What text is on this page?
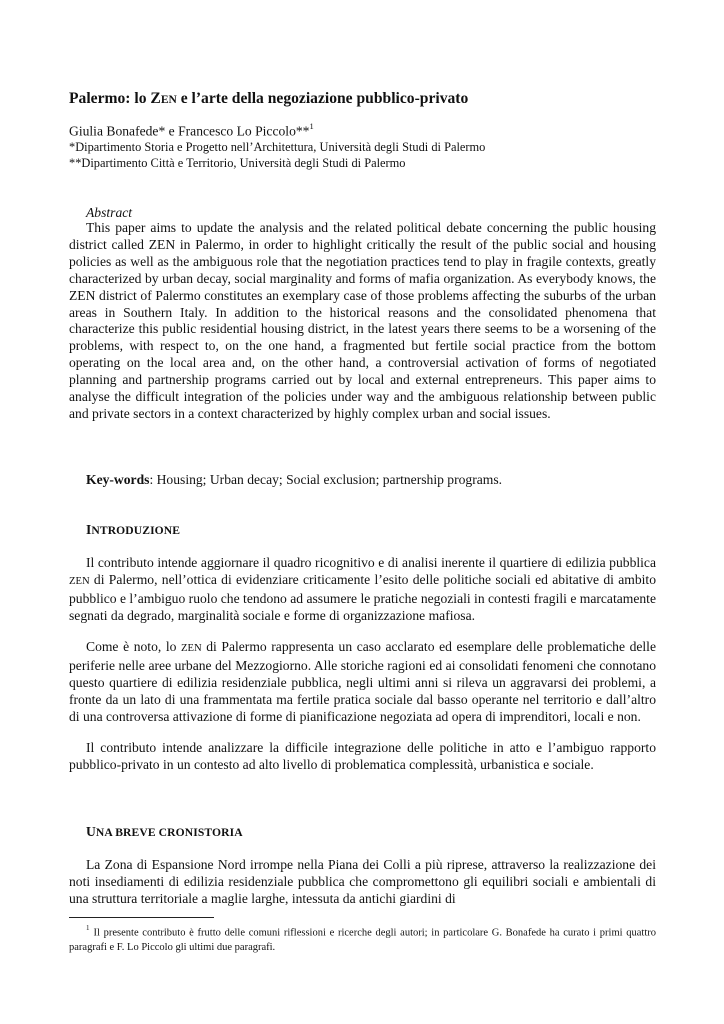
Palermo: lo ZEN e l’arte della negoziazione pubblico-privato
Giulia Bonafede* e Francesco Lo Piccolo**$^1$
*Dipartimento Storia e Progetto nell’Architettura, Università degli Studi di Palermo
**Dipartimento Città e Territorio, Università degli Studi di Palermo
Abstract

This paper aims to update the analysis and the related political debate concerning the public housing district called ZEN in Palermo, in order to highlight critically the result of the public social and housing policies as well as the ambiguous role that the negotiation practices tend to play in fragile contexts, greatly characterized by urban decay, social marginality and forms of mafia organization. As everybody knows, the ZEN district of Palermo constitutes an exemplary case of those problems affecting the suburbs of the urban areas in Southern Italy. In addition to the historical reasons and the consolidated phenomena that characterize this public residential housing district, in the latest years there seems to be a worsening of the problems, with respect to, on the one hand, a fragmented but fertile social practice from the bottom operating on the local area and, on the other hand, a controversial activation of forms of negotiated planning and partnership programs carried out by local and external entrepreneurs. This paper aims to analyse the difficult integration of the policies under way and the ambiguous relationship between public and private sectors in a context characterized by highly complex urban and social issues.

Key-words: Housing; Urban decay; Social exclusion; partnership programs.
INTRODUZIONE

Il contributo intende aggiornare il quadro ricognitivo e di analisi inerente il quartiere di edilizia pubblica ZEN di Palermo, nell’ottica di evidenziare criticamente l’esito delle politiche sociali ed abitative di ambito pubblico e l’ambiguo ruolo che tendono ad assumere le pratiche negoziali in contesti fragili e marcatamente segnati da degrado, marginalità sociale e forme di organizzazione mafiosa.

Come è noto, lo ZEN di Palermo rappresenta un caso acclarato ed esemplare delle problematiche delle periferie nelle aree urbane del Mezzogiorno. Alle storiche ragioni ed ai consolidati fenomeni che connotano questo quartiere di edilizia residenziale pubblica, negli ultimi anni si rileva un aggravarsi dei problemi, a fronte da un lato di una frammentata ma fertile pratica sociale dal basso operante nel territorio e dall’altro di una controversa attivazione di forme di pianificazione negoziata ad opera di imprenditori, locali e non.

Il contributo intende analizzare la difficile integrazione delle politiche in atto e l’ambiguo rapporto pubblico-privato in un contesto ad alto livello di problematica complessità, urbanistica e sociale.

UNA BREVE CRONISTORIA

La Zona di Espansione Nord irrompe nella Piana dei Colli a più riprese, attraverso la realizzazione dei noti insediamenti di edilizia residenziale pubblica che compromettono gli equilibri sociali e ambientali di una struttura territoriale a maglie larghe, intessuta da antichi giardini di

$^1$ Il presente contributo è frutto delle comuni riflessioni e ricerche degli autori; in particolare G. Bonafede ha curato i primi quattro paragrafi e F. Lo Piccolo gli ultimi due paragrafi.
